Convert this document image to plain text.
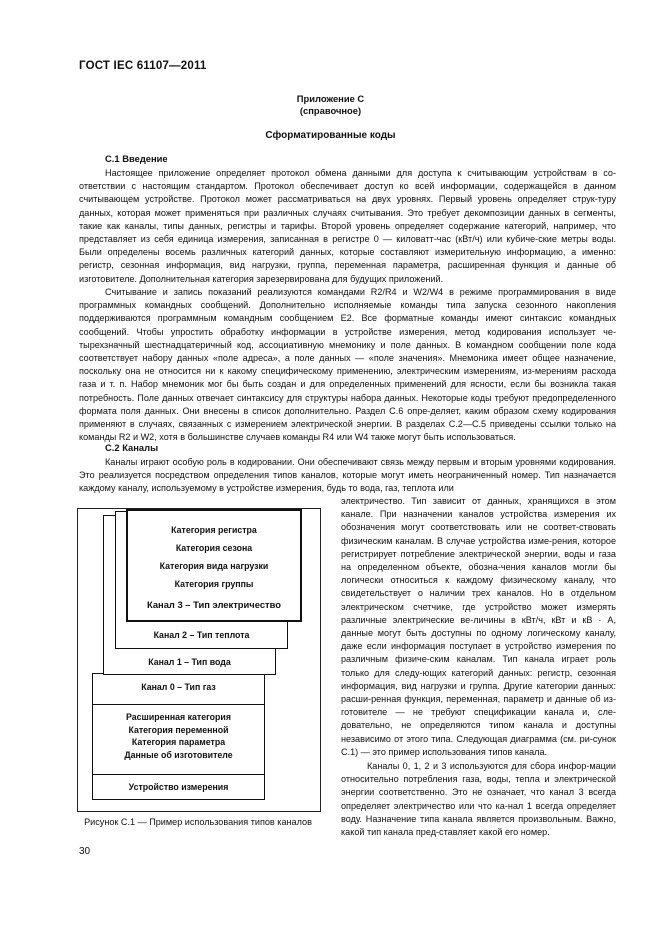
ГОСТ IEC 61107—2011
Приложение С
(справочное)
Сформатированные коды
С.1 Введение

Настоящее приложение определяет протокол обмена данными для доступа к считывающим устройствам в со-ответствии с настоящим стандартом. Протокол обеспечивает доступ ко всей информации, содержащейся в данном считывающем устройстве. Протокол может рассматриваться на двух уровнях. Первый уровень определяет струк-туру данных, которая может применяться при различных случаях считывания. Это требует декомпозиции данных в сегменты, такие как каналы, типы данных, регистры и тарифы. Второй уровень определяет содержание категорий, например, что представляет из себя единица измерения, записанная в регистре 0 — киловатт-час (кВт/ч) или кубиче-ские метры воды. Были определены восемь различных категорий данных, которые составляют измерительную информацию, а именно: регистр, сезонная информация, вид нагрузки, группа, переменная параметра, расширенная функция и данные об изготовителе. Дополнительная категория зарезервирована для будущих приложений.

Считывание и запись показаний реализуются командами R2/R4 и W2/W4 в режиме программирования в виде программных командных сообщений. Дополнительно исполняемые команды типа запуска сезонного накопления поддерживаются программным командным сообщением Е2. Все форматные команды имеют синтаксис командных сообщений. Чтобы упростить обработку информации в устройстве измерения, метод кодирования использует че-тырехзначный шестнадцатеричный код, ассоциативную мнемонику и поле данных. В командном сообщении поле кода соответствует набору данных «поле адреса», а поле данных — «поле значения». Мнемоника имеет общее назначение, поскольку она не относится ни к какому специфическому применению, электрическим измерениям, из-мерениям расхода газа и т. п. Набор мнемоник мог бы быть создан и для определенных применений для ясности, если бы возникла такая потребность. Поле данных отвечает синтаксису для структуры набора данных. Некоторые коды требуют предопределенного формата поля данных. Они внесены в список дополнительно. Раздел С.6 опре-деляет, каким образом схему кодирования применяют в случаях, связанных с измерением электрической энергии. В разделах С.2—С.5 приведены ссылки только на команды R2 и W2, хотя в большинстве случаев команды R4 или W4 также могут быть использоваться.

С.2 Каналы

Каналы играют особую роль в кодировании. Они обеспечивают связь между первым и вторым уровнями кодирования. Это реализуется посредством определения типов каналов, которые могут иметь неограниченный номер. Тип назначается каждому каналу, используемому в устройстве измерения, будь то вода, газ, теплота или

электричество. Тип зависит от данных, хранящихся в этом канале. При назначении каналов устройства измерения их обозначения могут соответствовать или не соответ-ствовать физическим каналам. В случае устройства изме-рения, которое регистрирует потребление электрической энергии, воды и газа на определенном объекте, обозна-чения каналов могли бы логически относиться к каждому физическому каналу, что свидетельствует о наличии трех каналов. Но в отдельном электрическом счетчике, где устройство может измерять различные электрические ве-личины в кВт/ч, кВт и кВ · А, данные могут быть доступны по одному логическому каналу, даже если информация поступает в устройство измерения по различным физиче-ским каналам. Тип канала играет роль только для следу-ющих категорий данных: регистр, сезонная информация, вид нагрузки и группа. Другие категории данных: расши-ренная функция, переменная, параметр и данные об из-готовителе — не требуют спецификации канала и, сле-довательно, не определяются типом канала и доступны независимо от этого типа. Следующая диаграмма (см. ри-сунок С.1) — это пример использования типов канала.

Каналы 0, 1, 2 и 3 используются для сбора инфор-мации относительно потребления газа, воды, тепла и электрической энергии соответственно. Это не означает, что канал 3 всегда определяет электричество или что ка-нал 1 всегда определяет воду. Назначение типа канала является произвольным. Важно, какой тип канала пред-ставляет какой его номер.

Канал 0 – Тип газ
Расширенная категория
Категория переменной
Категория параметра
Данные об изготовителе
Устройство измерения
Канал 1 – Тип вода
Канал 2 – Тип теплота
Категория регистра
Категория сезона
Категория вида нагрузки
Категория группы
Канал 3 – Тип электричество
Рисунок С.1 — Пример использования типов каналов
30
